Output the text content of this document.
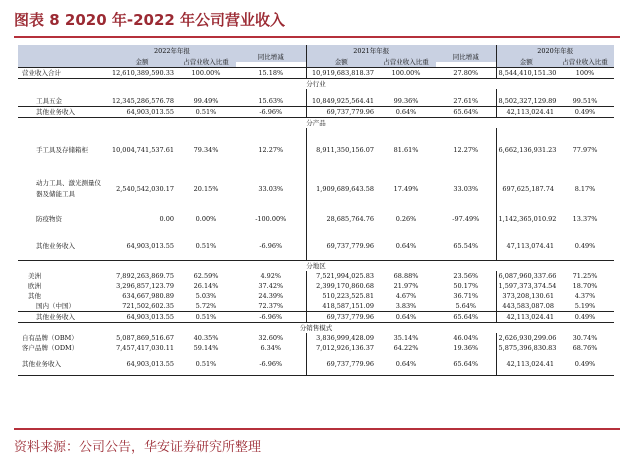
图表 8 2020 年-2022 年公司营业收入
	2022年年报			2021年年报			2020年年报	
	金额	占营业收入比重	同比增减	金额	占营业收入比重	同比增减	金额	占营业收入比重
营业收入合计	12,610,389,590.33	100.00%	15.18%	10,919,683,818.37	100.00%	27.80%	8,544,410,151.30	100%
分行业								
工具五金	12,345,286,576.78	99.49%	15.63%	10,849,925,564.41	99.36%	27.61%	8,502,327,129.89	99.51%
其他业务收入	64,903,013.55	0.51%	-6.96%	69,737,779.96	0.64%	65.64%	42,113,024.41	0.49%
分产品								
手工具及存储箱柜	10,004,741,537.61	79.34%	12.27%	8,911,350,156.07	81.61%	12.27%	6,662,136,931.23	77.97%
动力工具、激光测量仪器及储能工具	2,540,542,030.17	20.15%	33.03%	1,909,689,643.58	17.49%	33.03%	697,625,187.74	8.17%
防疫物资	0.00	0.00%	-100.00%	28,685,764.76	0.26%	-97.49%	1,142,365,010.92	13.37%
其他业务收入	64,903,013.55	0.51%	-6.96%	69,737,779.96	0.64%	65.54%	47,113,074.41	0.49%
分地区								
美洲	7,892,263,869.75	62.59%	4.92%	7,521,994,025.83	68.88%	23.56%	6,087,960,337.66	71.25%
欧洲	3,296,857,123.79	26.14%	37.42%	2,399,170,860.68	21.97%	50.17%	1,597,373,374.54	18.70%
其他	634,667,980.89	5.03%	24.39%	510,223,525.81	4.67%	36.71%	373,208,130.61	4.37%
国内（中国）	721,502,602.35	5.72%	72.37%	418,587,151.09	3.83%	5.64%	443,583,087.08	5.19%
其他业务收入	64,903,013.55	0.51%	-6.96%	69,737,779.96	0.64%	65.64%	42,113,024.41	0.49%
分销售模式								
自有品牌（OBM）	5,087,869,516.67	40.35%	32.60%	3,836,999,428.09	35.14%	46.04%	2,626,930,299.06	30.74%
客户品牌（ODM）	7,457,417,030.11	59.14%	6.34%	7,012,926,136.37	64.22%	19.36%	5,875,396,830.83	68.76%
其他业务收入	64,903,013.55	0.51%	-6.96%	69,737,779.96	0.64%	65.64%	42,113,024.41	0.49%
资料来源：公司公告，华安证券研究所整理
